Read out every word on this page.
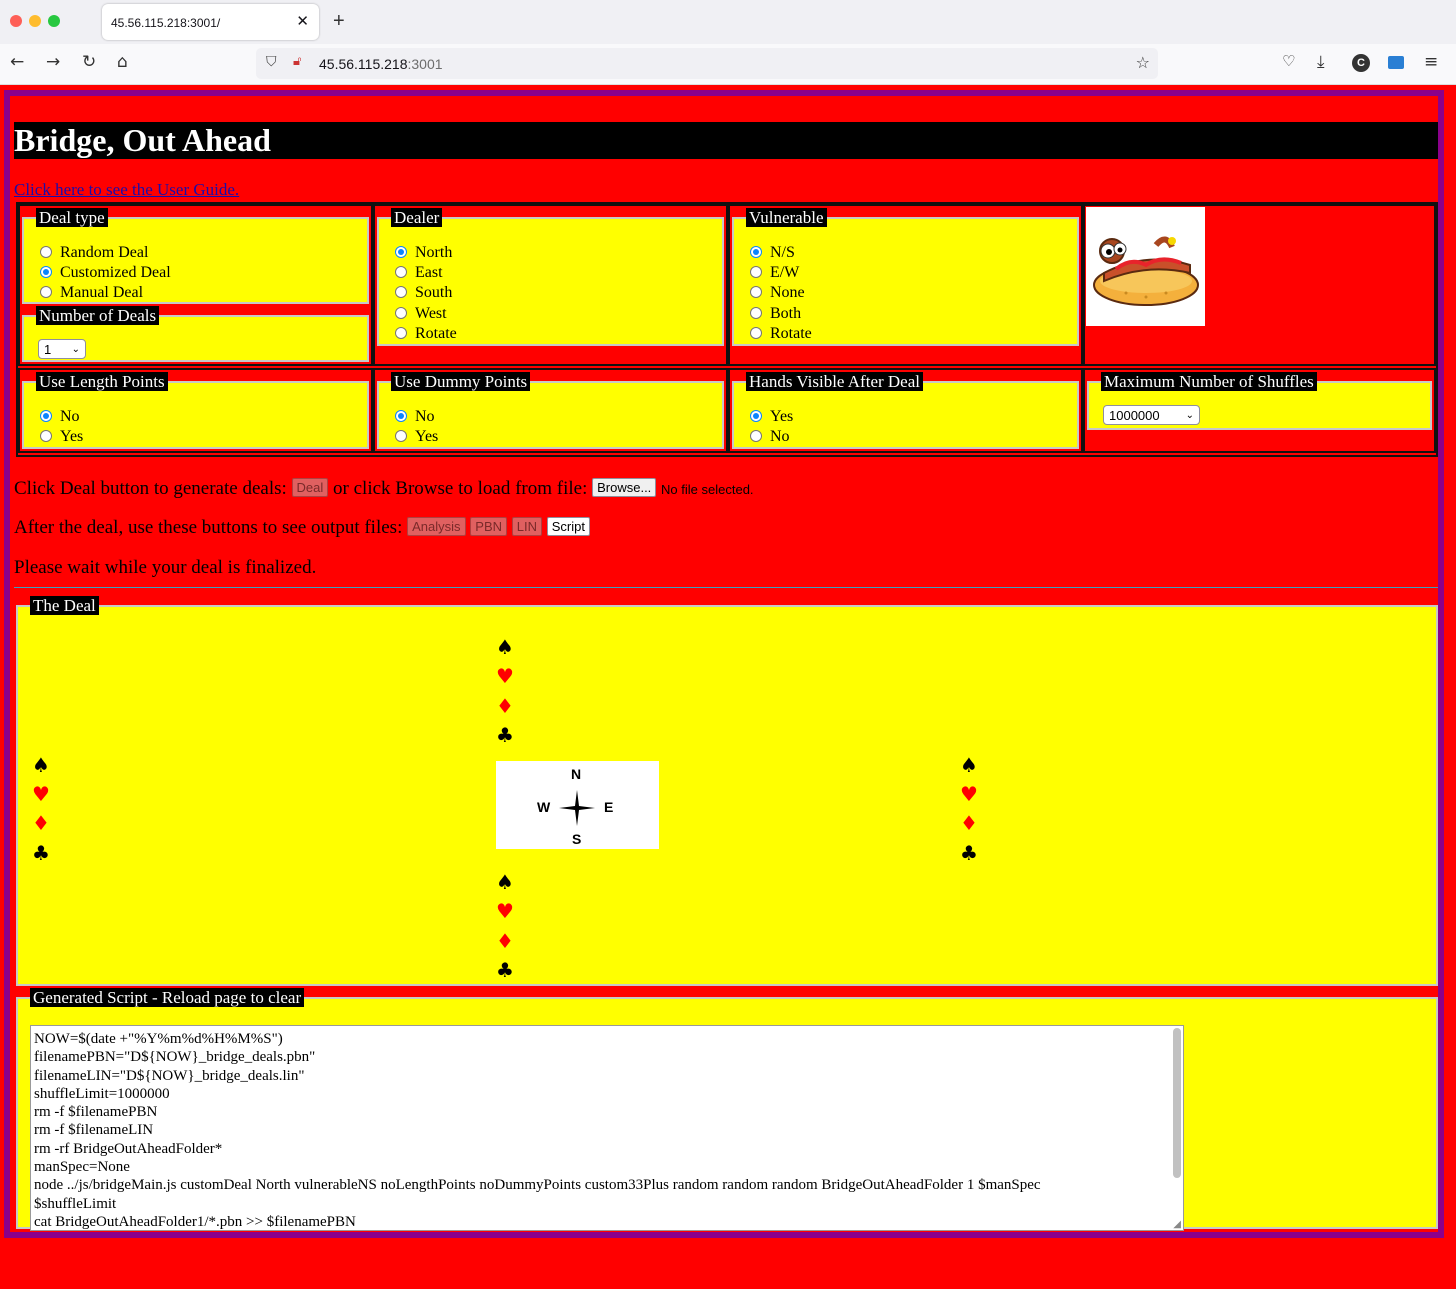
45.56.115.218:3001/	✕ +
← → ↻ ⌂	⛉ 🔓︎ 45.56.115.218:3001	☆	♡ ⤓	C	≡
Bridge, Out Ahead
Click here to see the User Guide.
Deal type
Random Deal
Customized Deal
Manual Deal
Number of Deals
1 ⌄
Dealer
North
East
South
West
Rotate
Vulnerable
N/S
E/W
None
Both
Rotate
Use Length Points
No
Yes
Use Dummy Points
No
Yes
Hands Visible After Deal
Yes
No
Maximum Number of Shuffles
1000000	⌄
Click Deal button to generate deals: Deal or click Browse to load from file: Browse... No file selected.
After the deal, use these buttons to see output files: Analysis PBN LIN Script
Please wait while your deal is finalized.
The Deal
♠
♥
♦
♣
♠
♥
♦
♣
N
W	E
S
♠
♥
♦
♣
♠
♥
♦
♣
Generated Script - Reload page to clear
NOW=$(date +"%Y%m%d%H%M%S")
filenamePBN="D${NOW}_bridge_deals.pbn"
filenameLIN="D${NOW}_bridge_deals.lin"
shuffleLimit=1000000
rm -f $filenamePBN
rm -f $filenameLIN
rm -rf BridgeOutAheadFolder*
manSpec=None
node ../js/bridgeMain.js customDeal North vulnerableNS noLengthPoints noDummyPoints custom33Plus random random random BridgeOutAheadFolder 1 $manSpec
$shuffleLimit
cat BridgeOutAheadFolder1/*.pbn >> $filenamePBN	◢
